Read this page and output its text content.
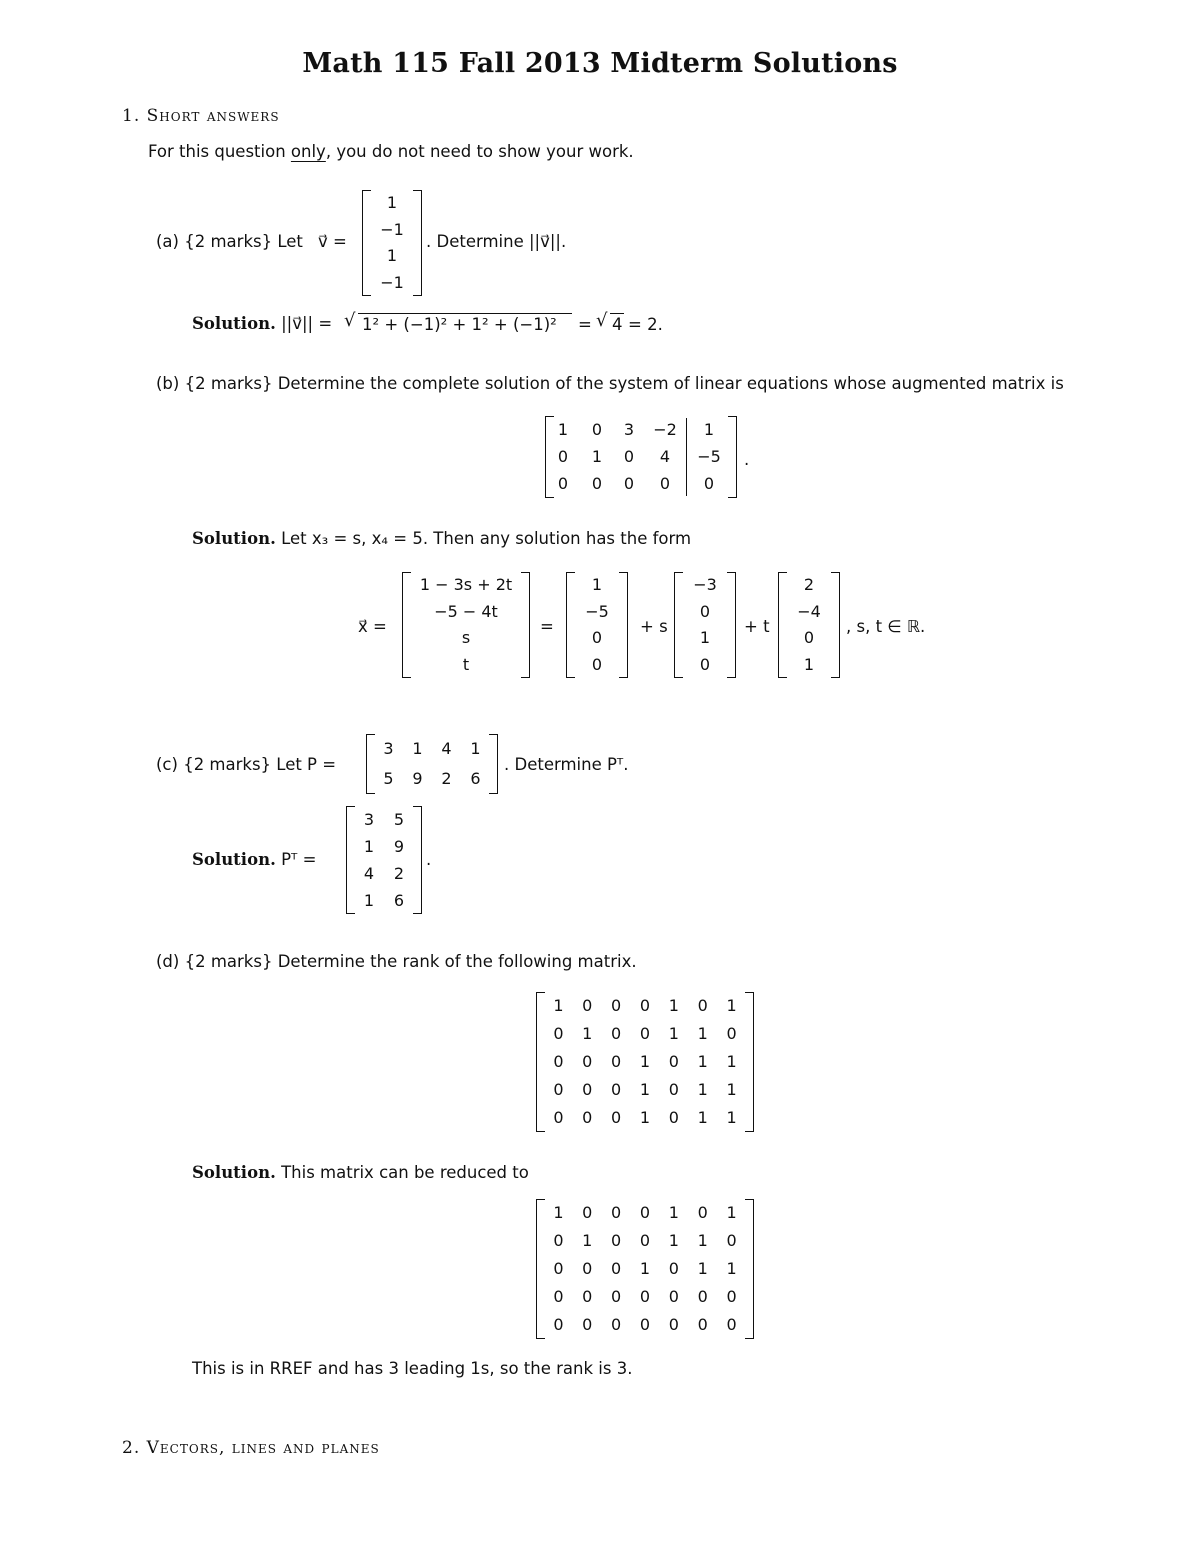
Math 115 Fall 2013 Midterm Solutions
1. Short answers
For this question only, you do not need to show your work.
(a) {2 marks} Let v⃗ =
1
−1
1
−1
. Determine ||v⃗||.
Solution. ||v⃗|| = √ 1² + (−1)² + 1² + (−1)² = √ 4 = 2.
(b) {2 marks} Determine the complete solution of the system of linear equations whose augmented matrix is
1 0 3 −2 1
0 1 0 4 −5
0 0 0 0 0
.
Solution. Let x₃ = s, x₄ = 5. Then any solution has the form
x⃗ =
1 − 3s + 2t
−5 − 4t
s
t
=
1
−5
0
0
+ s
−3
0
1
0
+ t
2
−4
0
1
, s, t ∈ ℝ.
(c) {2 marks} Let P =
3 1 4 1
5 9 2 6
. Determine Pᵀ.
Solution. Pᵀ =
3 5
1 9
4 2
1 6
.
(d) {2 marks} Determine the rank of the following matrix.
1 0 0 0 1 0 1
0 1 0 0 1 1 0
0 0 0 1 0 1 1
0 0 0 1 0 1 1
0 0 0 1 0 1 1
Solution. This matrix can be reduced to
1 0 0 0 1 0 1
0 1 0 0 1 1 0
0 0 0 1 0 1 1
0 0 0 0 0 0 0
0 0 0 0 0 0 0
This is in RREF and has 3 leading 1s, so the rank is 3.
2. Vectors, lines and planes
